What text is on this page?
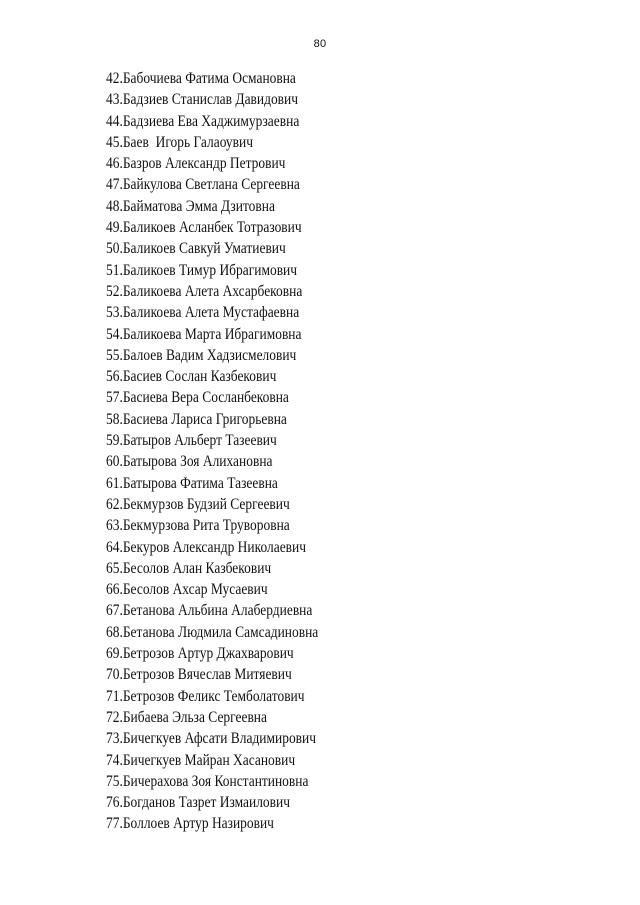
80
42.Бабочиева Фатима Османовна
43.Бадзиев Станислав Давидович
44.Бадзиева Ева Хаджимурзаевна
45.Баев  Игорь Галаоувич
46.Базров Александр Петрович
47.Байкулова Светлана Сергеевна
48.Байматова Эмма Дзитовна
49.Баликоев Асланбек Тотразович
50.Баликоев Савкуй Уматиевич
51.Баликоев Тимур Ибрагимович
52.Баликоева Алета Ахсарбековна
53.Баликоева Алета Мустафаевна
54.Баликоева Марта Ибрагимовна
55.Балоев Вадим Хадзисмелович
56.Басиев Сослан Казбекович
57.Басиева Вера Сосланбековна
58.Басиева Лариса Григорьевна
59.Батыров Альберт Тазеевич
60.Батырова Зоя Алихановна
61.Батырова Фатима Тазеевна
62.Бекмурзов Будзий Сергеевич
63.Бекмурзова Рита Труворовна
64.Бекуров Александр Николаевич
65.Бесолов Алан Казбекович
66.Бесолов Ахсар Мусаевич
67.Бетанова Альбина Алабердиевна
68.Бетанова Людмила Самсадиновна
69.Бетрозов Артур Джахварович
70.Бетрозов Вячеслав Митяевич
71.Бетрозов Феликс Темболатович
72.Бибаева Эльза Сергеевна
73.Бичегкуев Афсати Владимирович
74.Бичегкуев Майран Хасанович
75.Бичерахова Зоя Константиновна
76.Богданов Тазрет Измаилович
77.Боллоев Артур Назирович
